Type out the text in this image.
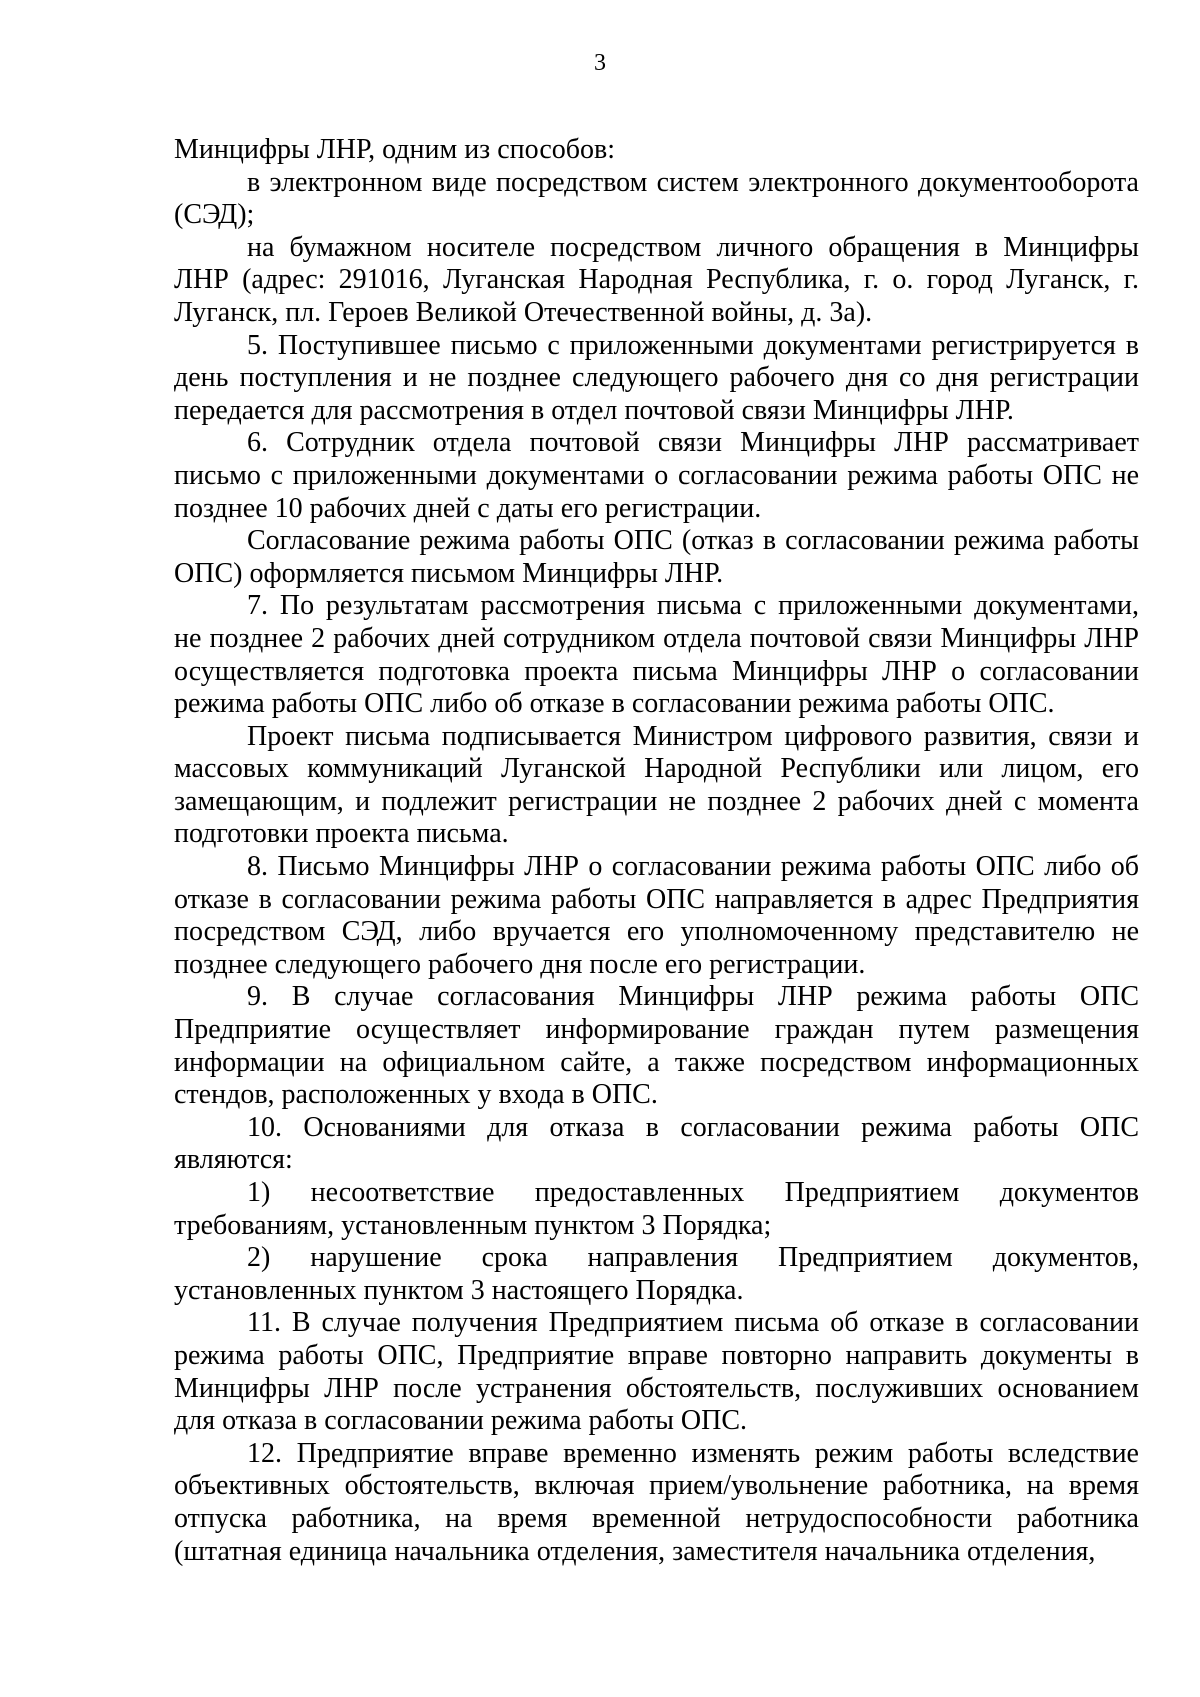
3

Минцифры ЛНР, одним из способов:

в электронном виде посредством систем электронного документооборота (СЭД);

на бумажном носителе посредством личного обращения в Минцифры ЛНР (адрес: 291016, Луганская Народная Республика, г. о. город Луганск, г. Луганск, пл. Героев Великой Отечественной войны, д. 3а).

5. Поступившее письмо с приложенными документами регистрируется в день поступления и не позднее следующего рабочего дня со дня регистрации передается для рассмотрения в отдел почтовой связи Минцифры ЛНР.

6. Сотрудник отдела почтовой связи Минцифры ЛНР рассматривает письмо с приложенными документами о согласовании режима работы ОПС не позднее 10 рабочих дней с даты его регистрации.

Согласование режима работы ОПС (отказ в согласовании режима работы ОПС) оформляется письмом Минцифры ЛНР.

7. По результатам рассмотрения письма с приложенными документами, не позднее 2 рабочих дней сотрудником отдела почтовой связи Минцифры ЛНР осуществляется подготовка проекта письма Минцифры ЛНР о согласовании режима работы ОПС либо об отказе в согласовании режима работы ОПС.

Проект письма подписывается Министром цифрового развития, связи и массовых коммуникаций Луганской Народной Республики или лицом, его замещающим, и подлежит регистрации не позднее 2 рабочих дней с момента подготовки проекта письма.

8. Письмо Минцифры ЛНР о согласовании режима работы ОПС либо об отказе в согласовании режима работы ОПС направляется в адрес Предприятия посредством СЭД, либо вручается его уполномоченному представителю не позднее следующего рабочего дня после его регистрации.

9. В случае согласования Минцифры ЛНР режима работы ОПС Предприятие осуществляет информирование граждан путем размещения информации на официальном сайте, а также посредством информационных стендов, расположенных у входа в ОПС.

10. Основаниями для отказа в согласовании режима работы ОПС являются:

1) несоответствие предоставленных Предприятием документов требованиям, установленным пунктом 3 Порядка;

2) нарушение срока направления Предприятием документов, установленных пунктом 3 настоящего Порядка.

11. В случае получения Предприятием письма об отказе в согласовании режима работы ОПС, Предприятие вправе повторно направить документы в Минцифры ЛНР после устранения обстоятельств, послуживших основанием для отказа в согласовании режима работы ОПС.

12. Предприятие вправе временно изменять режим работы вследствие объективных обстоятельств, включая прием/увольнение работника, на время отпуска работника, на время временной нетрудоспособности работника (штатная единица начальника отделения, заместителя начальника отделения,
